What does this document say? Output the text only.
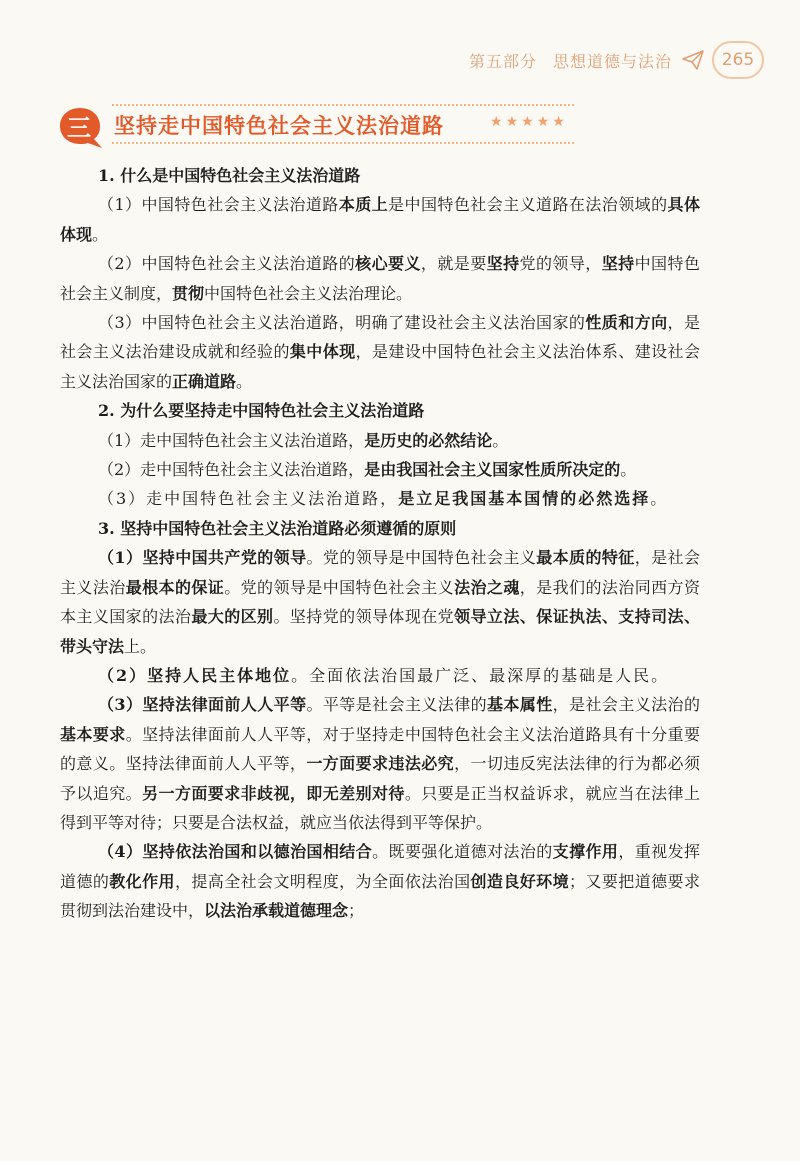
第五部分 思想道德与法治	265
三 坚持走中国特色社会主义法治道路	★ ★ ★ ★ ★

1. 什么是中国特色社会主义法治道路

（1）中国特色社会主义法治道路本质上是中国特色社会主义道路在法治领域的具体体现。

（2）中国特色社会主义法治道路的核心要义，就是要坚持党的领导，坚持中国特色社会主义制度，贯彻中国特色社会主义法治理论。

（3）中国特色社会主义法治道路，明确了建设社会主义法治国家的性质和方向，是社会主义法治建设成就和经验的集中体现，是建设中国特色社会主义法治体系、建设社会主义法治国家的正确道路。

2. 为什么要坚持走中国特色社会主义法治道路

（1）走中国特色社会主义法治道路，是历史的必然结论。

（2）走中国特色社会主义法治道路，是由我国社会主义国家性质所决定的。

（3）走中国特色社会主义法治道路，是立足我国基本国情的必然选择。

3. 坚持中国特色社会主义法治道路必须遵循的原则

（1）坚持中国共产党的领导。党的领导是中国特色社会主义最本质的特征，是社会主义法治最根本的保证。党的领导是中国特色社会主义法治之魂，是我们的法治同西方资本主义国家的法治最大的区别。坚持党的领导体现在党领导立法、保证执法、支持司法、带头守法上。

（2）坚持人民主体地位。全面依法治国最广泛、最深厚的基础是人民。

（3）坚持法律面前人人平等。平等是社会主义法律的基本属性，是社会主义法治的基本要求。坚持法律面前人人平等，对于坚持走中国特色社会主义法治道路具有十分重要的意义。坚持法律面前人人平等，一方面要求违法必究，一切违反宪法法律的行为都必须予以追究。另一方面要求非歧视，即无差别对待。只要是正当权益诉求，就应当在法律上得到平等对待；只要是合法权益，就应当依法得到平等保护。

（4）坚持依法治国和以德治国相结合。既要强化道德对法治的支撑作用，重视发挥道德的教化作用，提高全社会文明程度，为全面依法治国创造良好环境；又要把道德要求贯彻到法治建设中，以法治承载道德理念；
